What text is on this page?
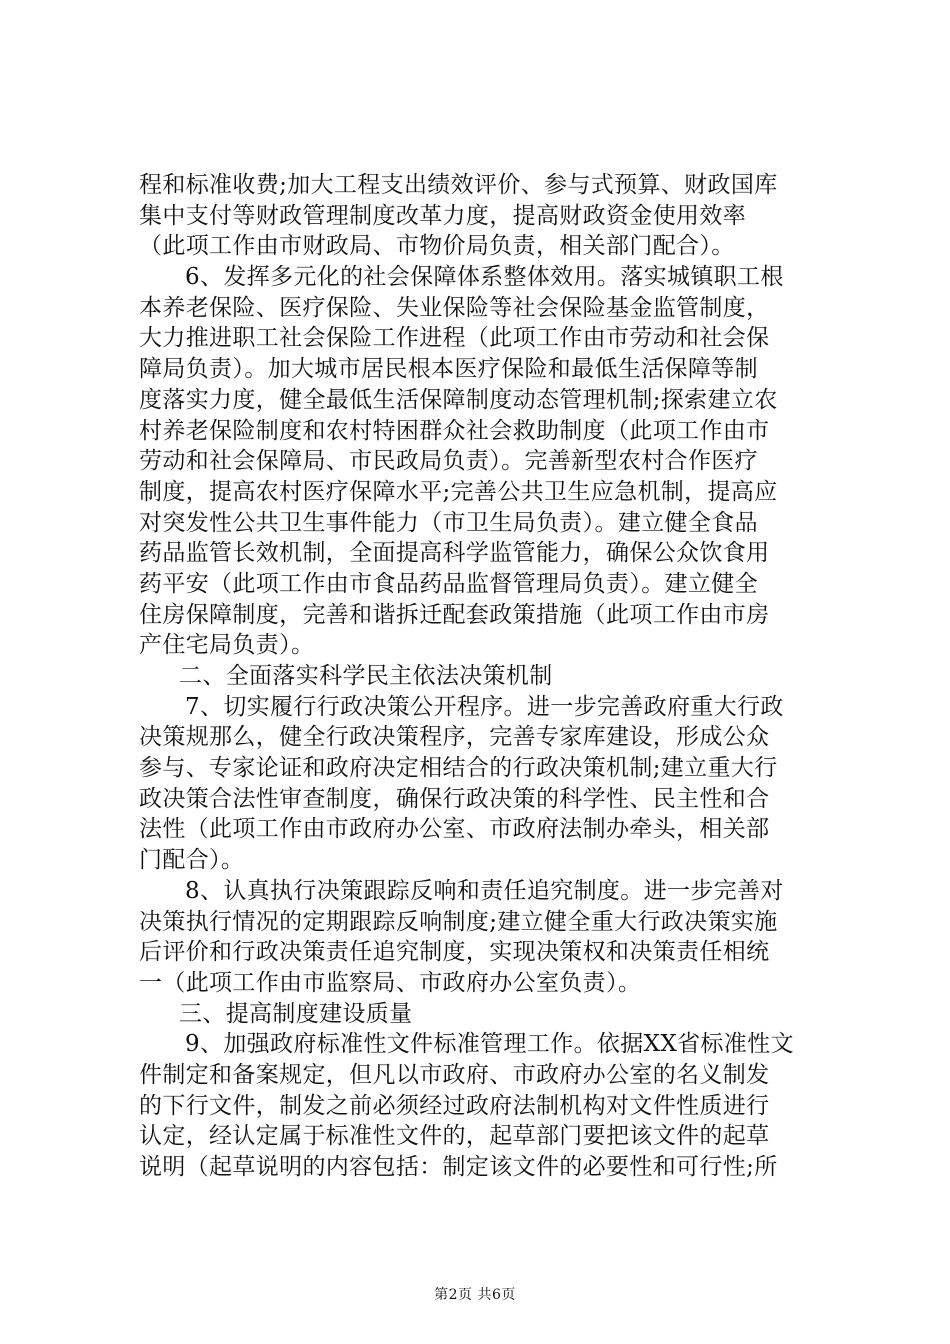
程和标准收费;加大工程支出绩效评价、参与式预算、财政国库
集中支付等财政管理制度改革力度，提高财政资金使用效率
（此项工作由市财政局、市物价局负责，相关部门配合）。
6、发挥多元化的社会保障体系整体效用。落实城镇职工根
本养老保险、医疗保险、失业保险等社会保险基金监管制度，
大力推进职工社会保险工作进程（此项工作由市劳动和社会保
障局负责）。加大城市居民根本医疗保险和最低生活保障等制
度落实力度，健全最低生活保障制度动态管理机制;探索建立农
村养老保险制度和农村特困群众社会救助制度（此项工作由市
劳动和社会保障局、市民政局负责）。完善新型农村合作医疗
制度，提高农村医疗保障水平;完善公共卫生应急机制，提高应
对突发性公共卫生事件能力（市卫生局负责）。建立健全食品
药品监管长效机制，全面提高科学监管能力，确保公众饮食用
药平安（此项工作由市食品药品监督管理局负责）。建立健全
住房保障制度，完善和谐拆迁配套政策措施（此项工作由市房
产住宅局负责）。
二、全面落实科学民主依法决策机制
7、切实履行行政决策公开程序。进一步完善政府重大行政
决策规那么，健全行政决策程序，完善专家库建设，形成公众
参与、专家论证和政府决定相结合的行政决策机制;建立重大行
政决策合法性审查制度，确保行政决策的科学性、民主性和合
法性（此项工作由市政府办公室、市政府法制办牵头，相关部
门配合）。
8、认真执行决策跟踪反响和责任追究制度。进一步完善对
决策执行情况的定期跟踪反响制度;建立健全重大行政决策实施
后评价和行政决策责任追究制度，实现决策权和决策责任相统
一（此项工作由市监察局、市政府办公室负责）。
三、提高制度建设质量
9、加强政府标准性文件标准管理工作。依据XX省标准性文
件制定和备案规定，但凡以市政府、市政府办公室的名义制发
的下行文件，制发之前必须经过政府法制机构对文件性质进行
认定，经认定属于标准性文件的，起草部门要把该文件的起草
说明（起草说明的内容包括：制定该文件的必要性和可行性;所
第2页 共6页
